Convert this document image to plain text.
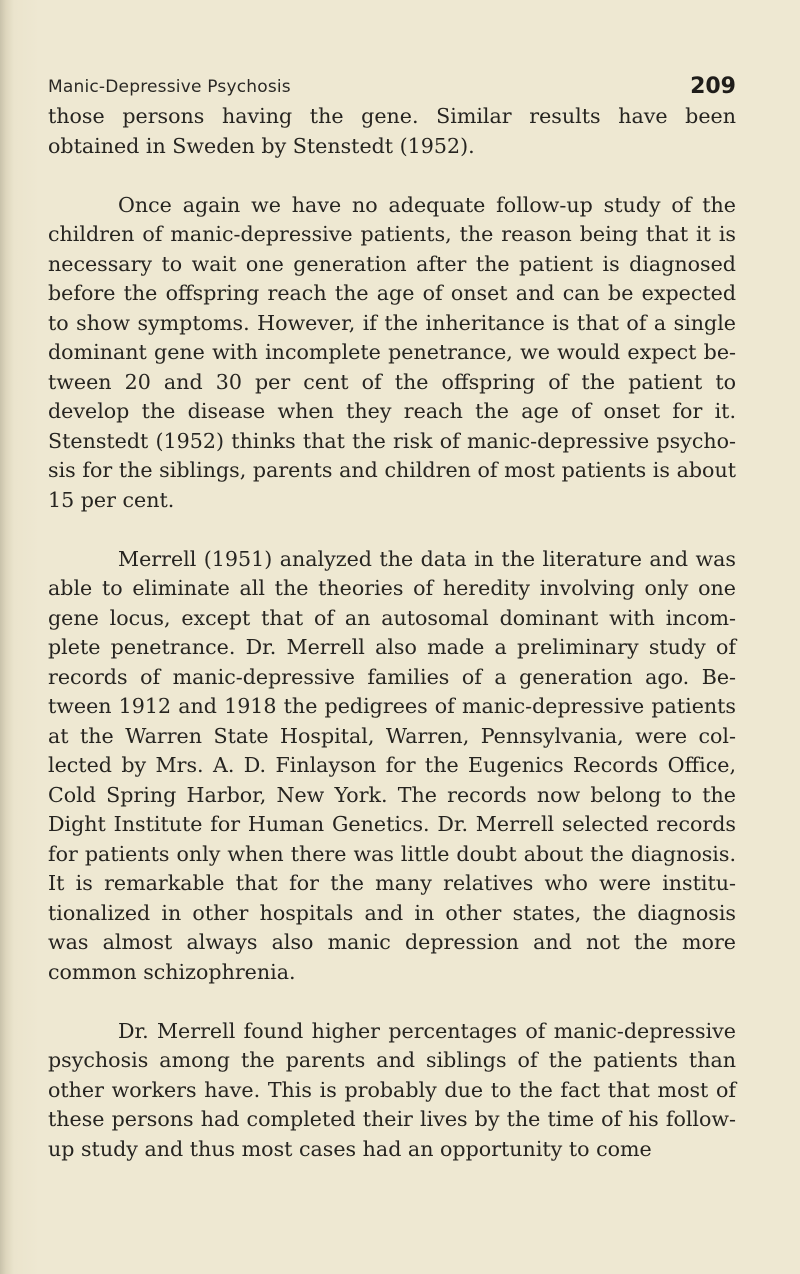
Manic-Depressive Psychosis	209

those persons having the gene. Similar results have been obtained in Sweden by Stenstedt (1952).

Once again we have no adequate follow-up study of the children of manic-depressive patients, the reason being that it is necessary to wait one generation after the patient is diagnosed before the offspring reach the age of onset and can be expected to show symptoms. However, if the inheritance is that of a single dominant gene with incomplete penetrance, we would expect between 20 and 30 per cent of the offspring of the patient to develop the disease when they reach the age of onset for it. Stenstedt (1952) thinks that the risk of manic-depressive psychosis for the siblings, parents and children of most patients is about 15 per cent.

Merrell (1951) analyzed the data in the literature and was able to eliminate all the theories of heredity involving only one gene locus, except that of an autosomal dominant with incomplete penetrance. Dr. Merrell also made a preliminary study of records of manic-depressive families of a generation ago. Between 1912 and 1918 the pedigrees of manic-depressive patients at the Warren State Hospital, Warren, Pennsylvania, were collected by Mrs. A. D. Finlayson for the Eugenics Records Office, Cold Spring Harbor, New York. The records now belong to the Dight Institute for Human Genetics. Dr. Merrell selected records for patients only when there was little doubt about the diagnosis. It is remarkable that for the many relatives who were institutionalized in other hospitals and in other states, the diagnosis was almost always also manic depression and not the more common schizophrenia.

Dr. Merrell found higher percentages of manic-depressive psychosis among the parents and siblings of the patients than other workers have. This is probably due to the fact that most of these persons had completed their lives by the time of his follow-up study and thus most cases had an opportunity to come
